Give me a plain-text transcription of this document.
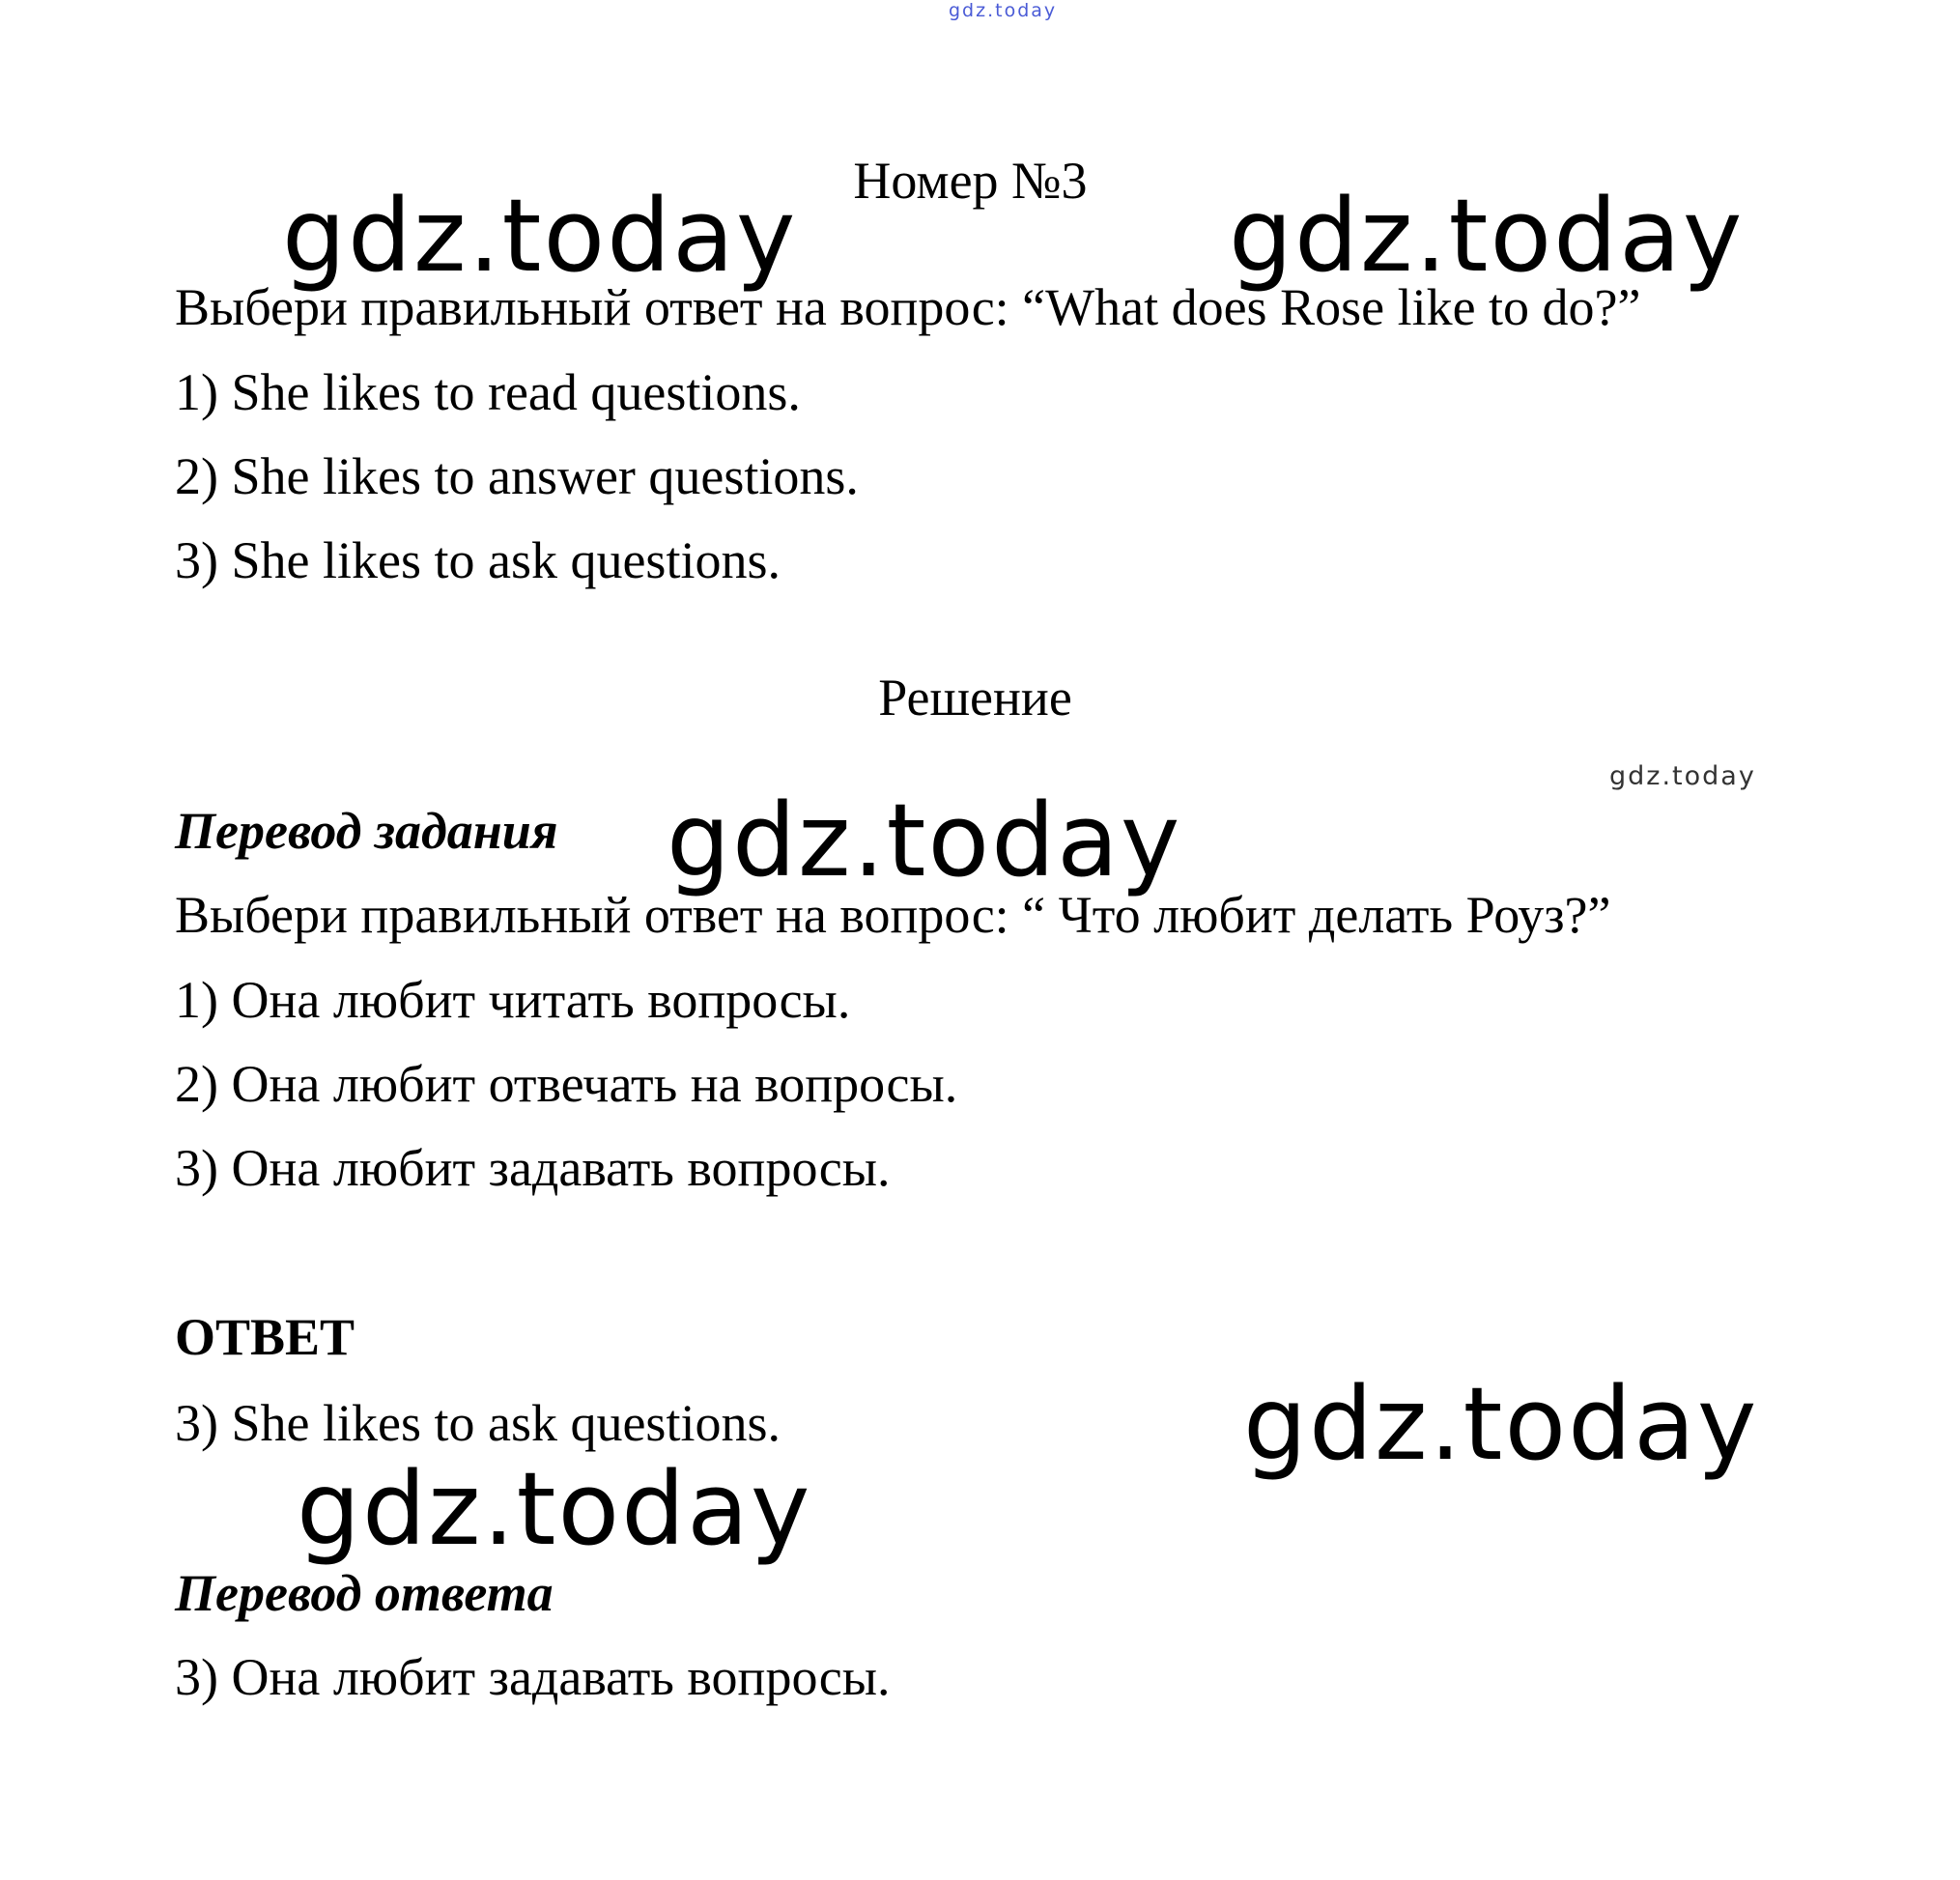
gdz.today
Номер №3
gdz.today	gdz.today
Выбери правильный ответ на вопрос: “What does Rose like to do?”
1) She likes to read questions.
2) She likes to answer questions.
3) She likes to ask questions.
Решение
gdz.today
Перевод задания gdz.today
Выбери правильный ответ на вопрос: “ Что любит делать Роуз?”
1) Она любит читать вопросы.
2) Она любит отвечать на вопросы.
3) Она любит задавать вопросы.
ОТВЕТ
3) She likes to ask questions.	gdz.today
gdz.today
Перевод ответа
3) Она любит задавать вопросы.
